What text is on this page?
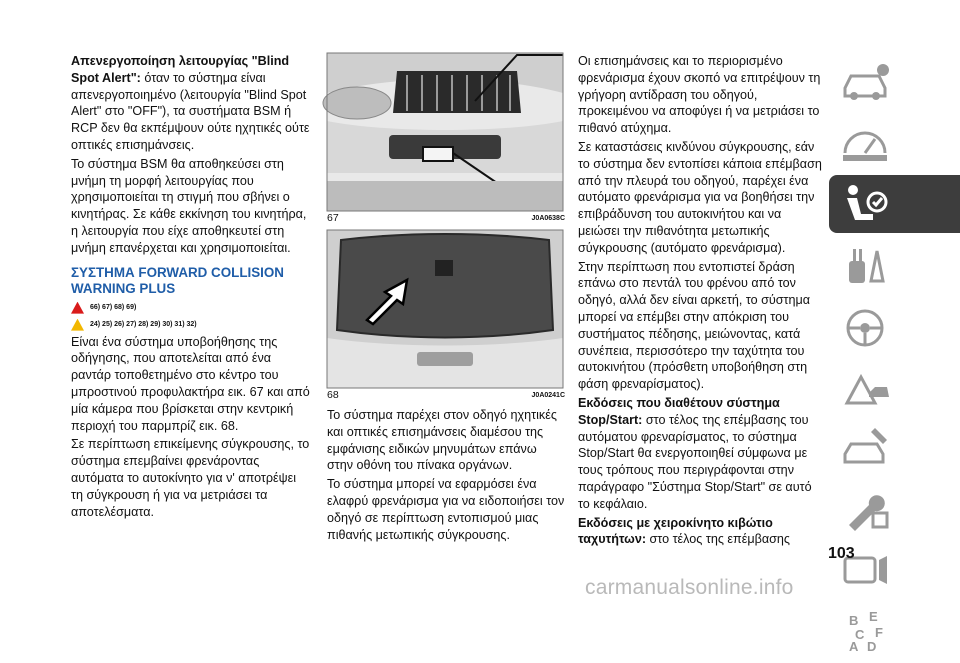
Απενεργοποίηση λειτουργίας "Blind Spot Alert": όταν το σύστημα είναι απενεργοποιημένο (λειτουργία "Blind Spot Alert" στο "OFF"), τα συστήματα BSM ή RCP δεν θα εκπέμψουν ούτε ηχητικές ούτε οπτικές επισημάνσεις.

Το σύστημα BSM θα αποθηκεύσει στη μνήμη τη μορφή λειτουργίας που χρησιμοποιείται τη στιγμή που σβήνει ο κινητήρας. Σε κάθε εκκίνηση του κινητήρα, η λειτουργία που είχε αποθηκευτεί στη μνήμη επανέρχεται και χρησιμοποιείται.

ΣΥΣΤΗΜΑ FORWARD COLLISION WARNING PLUS
66) 67) 68) 69)
24) 25) 26) 27) 28) 29) 30) 31) 32)

Είναι ένα σύστημα υποβοήθησης της οδήγησης, που αποτελείται από ένα ραντάρ τοποθετημένο στο κέντρο του μπροστινού προφυλακτήρα εικ. 67 και από μία κάμερα που βρίσκεται στην κεντρική περιοχή του παρμπρίζ εικ. 68.

Σε περίπτωση επικείμενης σύγκρουσης, το σύστημα επεμβαίνει φρενάροντας αυτόματα το αυτοκίνητο για ν' αποτρέψει τη σύγκρουση ή για να μετριάσει τα αποτελέσματα.

67	J0A0638C
68	J0A0241C

Το σύστημα παρέχει στον οδηγό ηχητικές και οπτικές επισημάνσεις διαμέσου της εμφάνισης ειδικών μηνυμάτων επάνω στην οθόνη του πίνακα οργάνων.

Το σύστημα μπορεί να εφαρμόσει ένα ελαφρύ φρενάρισμα για να ειδοποιήσει τον οδηγό σε περίπτωση εντοπισμού μιας πιθανής μετωπικής σύγκρουσης.

Οι επισημάνσεις και το περιορισμένο φρενάρισμα έχουν σκοπό να επιτρέψουν τη γρήγορη αντίδραση του οδηγού, προκειμένου να αποφύγει ή να μετριάσει το πιθανό ατύχημα.

Σε καταστάσεις κινδύνου σύγκρουσης, εάν το σύστημα δεν εντοπίσει κάποια επέμβαση από την πλευρά του οδηγού, παρέχει ένα αυτόματο φρενάρισμα για να βοηθήσει την επιβράδυνση του αυτοκινήτου και να μειώσει την πιθανότητα μετωπικής σύγκρουσης (αυτόματο φρενάρισμα).

Στην περίπτωση που εντοπιστεί δράση επάνω στο πεντάλ του φρένου από τον οδηγό, αλλά δεν είναι αρκετή, το σύστημα μπορεί να επέμβει στην απόκριση του συστήματος πέδησης, μειώνοντας, κατά συνέπεια, περισσότερο την ταχύτητα του αυτοκινήτου (πρόσθετη υποβοήθηση στη φάση φρεναρίσματος).

Εκδόσεις που διαθέτουν σύστημα Stop/Start: στο τέλος της επέμβασης του αυτόματου φρεναρίσματος, το σύστημα Stop/Start θα ενεργοποιηθεί σύμφωνα με τους τρόπους που περιγράφονται στην παράγραφο "Σύστημα Stop/Start" σε αυτό το κεφάλαιο.

Εκδόσεις με χειροκίνητο κιβώτιο ταχυτήτων: στο τέλος της επέμβασης

B E
C F
A D
103
carmanualsonline.info
